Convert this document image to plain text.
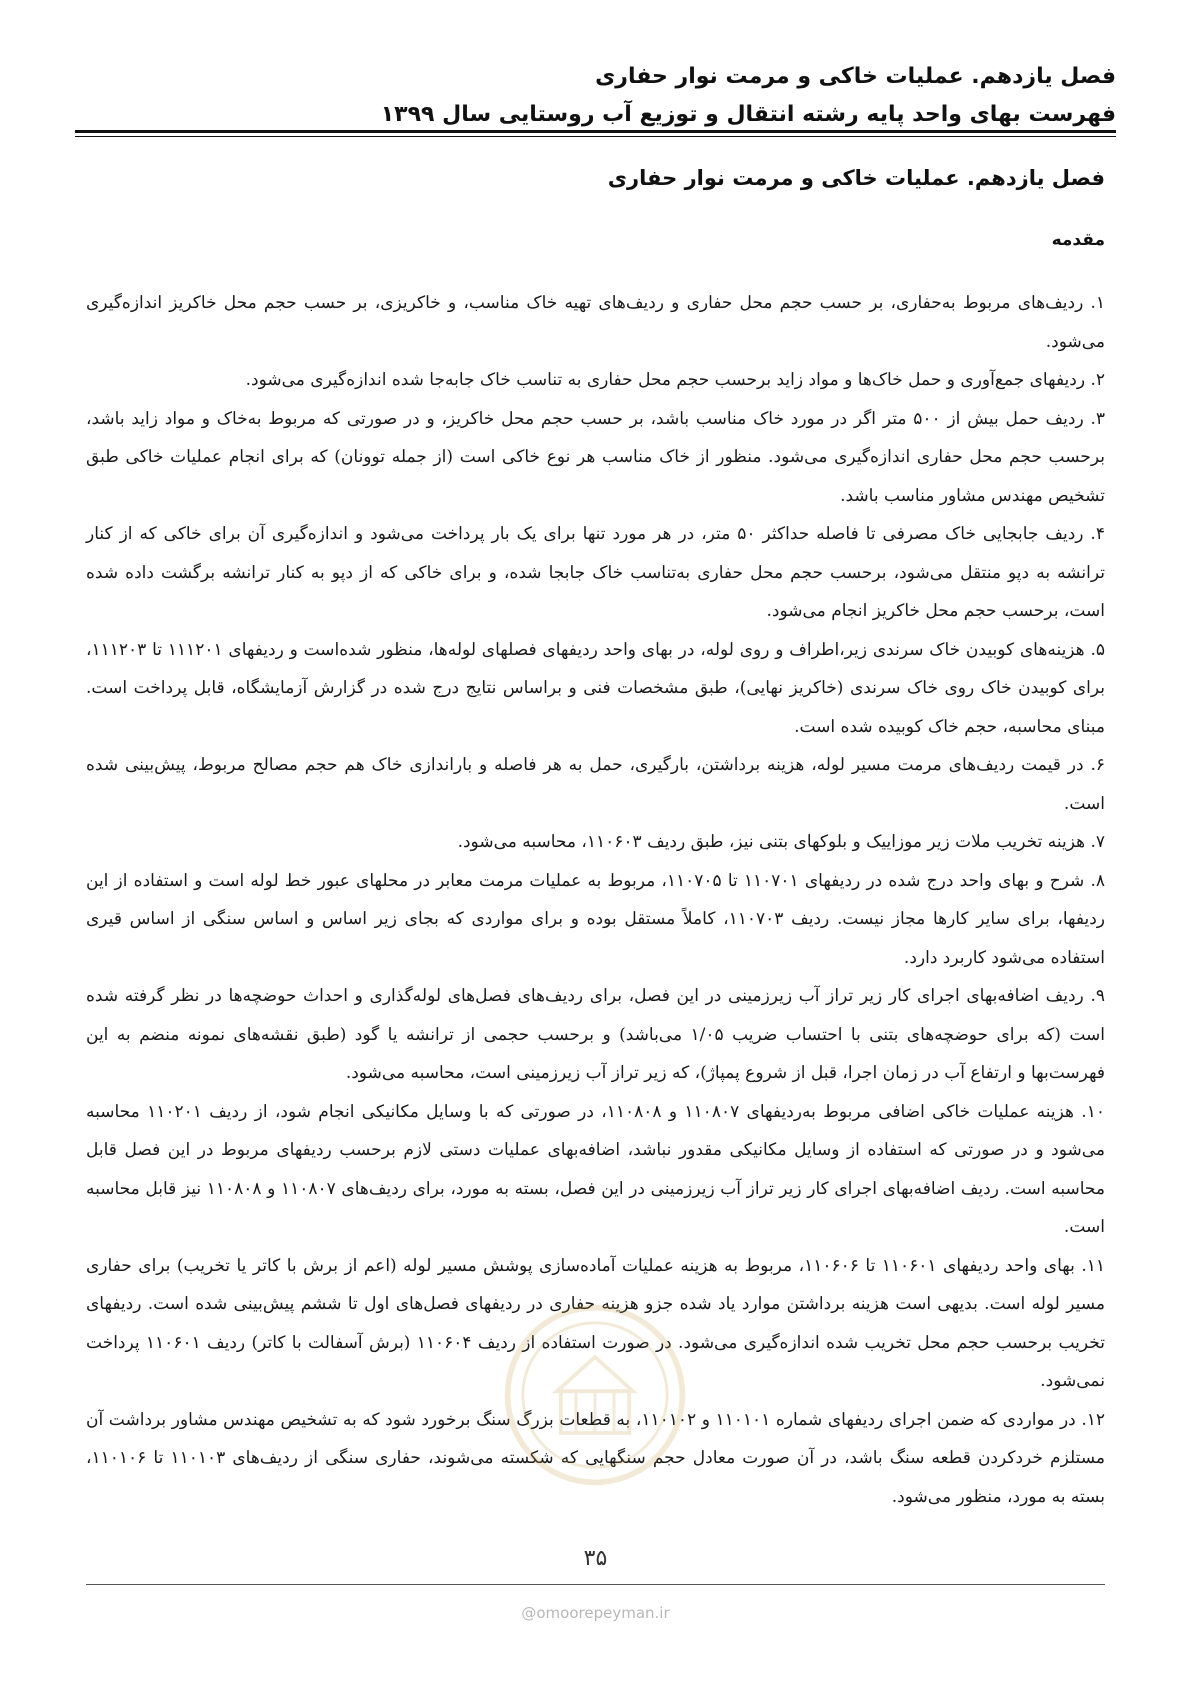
فصل یازدهم. عملیات خاکی و مرمت نوار حفاری
فهرست بهای واحد پایه رشته انتقال و توزیع آب روستایی سال ۱۳۹۹
فصل یازدهم. عملیات خاکی و مرمت نوار حفاری
مقدمه

۱. ردیف‌های مربوط به‌حفاری، بر حسب حجم محل حفاری و ردیف‌های تهیه خاک مناسب، و خاکریزی، بر حسب حجم محل خاکریز اندازه‌گیری می‌شود.

۲. ردیفهای جمع‌آوری و حمل خاک‌ها و مواد زاید برحسب حجم محل حفاری به تناسب خاک جابه‌جا شده اندازه‌گیری می‌شود.

۳. ردیف حمل بیش از ۵۰۰ متر اگر در مورد خاک مناسب باشد، بر حسب حجم محل خاکریز، و در صورتی که مربوط به‌خاک و مواد زاید باشد، برحسب حجم محل حفاری اندازه‌گیری می‌شود. منظور از خاک مناسب هر نوع خاکی است (از جمله توونان) که برای انجام عملیات خاکی طبق تشخیص مهندس مشاور مناسب باشد.

۴. ردیف جابجایی خاک مصرفی تا فاصله حداکثر ۵۰ متر، در هر مورد تنها برای یک بار پرداخت می‌شود و اندازه‌گیری آن برای خاکی که از کنار ترانشه به دپو منتقل می‌شود، برحسب حجم محل حفاری به‌تناسب خاک جابجا شده، و برای خاکی که از دپو به کنار ترانشه برگشت داده شده است، برحسب حجم محل خاکریز انجام می‌شود.

۵. هزینه‌های کوبیدن خاک سرندی زیر،اطراف و روی لوله، در بهای واحد ردیفهای فصلهای لوله‌ها، منظور شده‌است و ردیفهای ۱۱۱۲۰۱ تا ۱۱۱۲۰۳، برای کوبیدن خاک روی خاک سرندی (خاکریز نهایی)، طبق مشخصات فنی و براساس نتایج درج شده در گزارش آزمایشگاه، قابل پرداخت است. مبنای محاسبه، حجم خاک کوبیده شده است.

۶. در قیمت ردیف‌های مرمت مسیر لوله، هزینه برداشتن، بارگیری، حمل به هر فاصله و باراندازی خاک هم حجم مصالح مربوط، پیش‌بینی شده است.

۷. هزینه تخریب ملات زیر موزاییک و بلوکهای بتنی نیز، طبق ردیف ۱۱۰۶۰۳، محاسبه می‌شود.

۸. شرح و بهای واحد درج شده در ردیفهای ۱۱۰۷۰۱ تا ۱۱۰۷۰۵، مربوط به عملیات مرمت معابر در محلهای عبور خط لوله است و استفاده از این ردیفها، برای سایر کارها مجاز نیست. ردیف ۱۱۰۷۰۳، کاملاً مستقل بوده و برای مواردی که بجای زیر اساس و اساس سنگی از اساس قیری استفاده می‌شود کاربرد دارد.

۹. ردیف اضافه‌بهای اجرای کار زیر تراز آب زیرزمینی در این فصل، برای ردیف‌های فصل‌های لوله‌گذاری و احداث حوضچه‌ها در نظر گرفته شده است (که برای حوضچه‌های بتنی با احتساب ضریب ۱/۰۵ می‌باشد) و برحسب حجمی از ترانشه یا گود (طبق نقشه‌های نمونه منضم به این فهرست‌بها و ارتفاع آب در زمان اجرا، قبل از شروع پمپاژ)، که زیر تراز آب زیرزمینی است، محاسبه می‌شود.

۱۰. هزینه عملیات خاکی اضافی مربوط به‌ردیفهای ۱۱۰۸۰۷ و ۱۱۰۸۰۸، در صورتی که با وسایل مکانیکی انجام شود، از ردیف ۱۱۰۲۰۱ محاسبه می‌شود و در صورتی که استفاده از وسایل مکانیکی مقدور نباشد، اضافه‌بهای عملیات دستی لازم برحسب ردیفهای مربوط در این فصل قابل محاسبه است. ردیف اضافه‌بهای اجرای کار زیر تراز آب زیرزمینی در این فصل، بسته به مورد، برای ردیف‌های ۱۱۰۸۰۷ و ۱۱۰۸۰۸ نیز قابل محاسبه است.

۱۱. بهای واحد ردیفهای ۱۱۰۶۰۱ تا ۱۱۰۶۰۶، مربوط به هزینه عملیات آماده‌سازی پوشش مسیر لوله (اعم از برش با کاتر یا تخریب) برای حفاری مسیر لوله است. بدیهی است هزینه برداشتن موارد یاد شده جزو هزینه حفاری در ردیفهای فصل‌های اول تا ششم پیش‌بینی شده است. ردیفهای تخریب برحسب حجم محل تخریب شده اندازه‌گیری می‌شود. در صورت استفاده از ردیف ۱۱۰۶۰۴ (برش آسفالت با کاتر) ردیف ۱۱۰۶۰۱ پرداخت نمی‌شود.

۱۲. در مواردی که ضمن اجرای ردیفهای شماره ۱۱۰۱۰۱ و ۱۱۰۱۰۲، به قطعات بزرگ سنگ برخورد شود که به تشخیص مهندس مشاور برداشت آن مستلزم خردکردن قطعه سنگ باشد، در آن صورت معادل حجم سنگهایی که شکسته می‌شوند، حفاری سنگی از ردیف‌های ۱۱۰۱۰۳ تا ۱۱۰۱۰۶، بسته به مورد، منظور می‌شود.

۳۵
@omoorepeyman.ir
